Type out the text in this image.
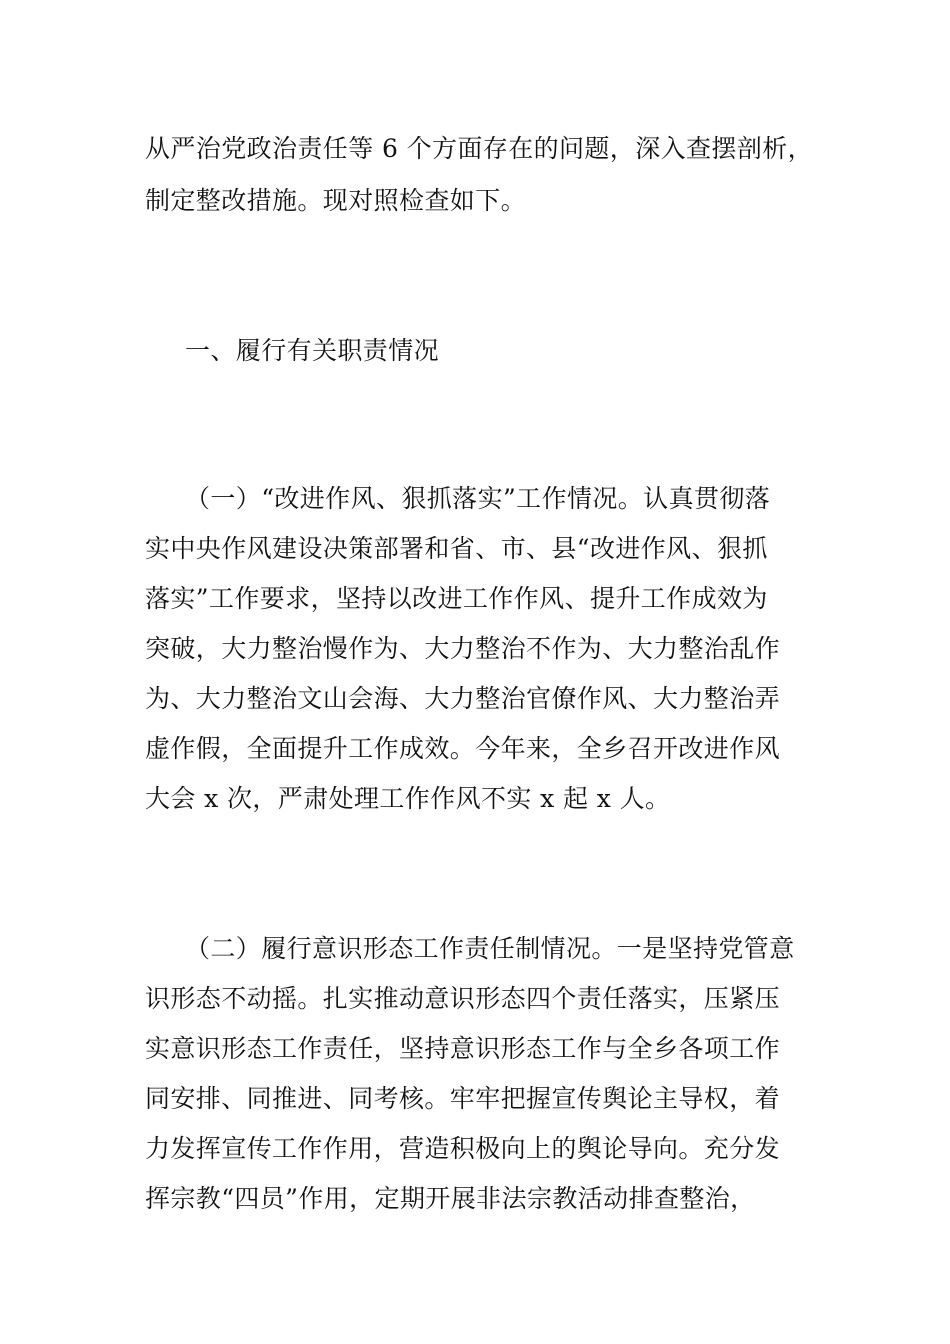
从严治党政治责任等 6 个方面存在的问题，深入查摆剖析，
制定整改措施。现对照检查如下。
一、履行有关职责情况
（一）“改进作风、狠抓落实”工作情况。认真贯彻落
实中央作风建设决策部署和省、市、县“改进作风、狠抓
落实”工作要求，坚持以改进工作作风、提升工作成效为
突破，大力整治慢作为、大力整治不作为、大力整治乱作
为、大力整治文山会海、大力整治官僚作风、大力整治弄
虚作假，全面提升工作成效。今年来，全乡召开改进作风
大会 x 次，严肃处理工作作风不实 x 起 x 人。
（二）履行意识形态工作责任制情况。一是坚持党管意
识形态不动摇。扎实推动意识形态四个责任落实，压紧压
实意识形态工作责任，坚持意识形态工作与全乡各项工作
同安排、同推进、同考核。牢牢把握宣传舆论主导权，着
力发挥宣传工作作用，营造积极向上的舆论导向。充分发
挥宗教“四员”作用，定期开展非法宗教活动排查整治，
